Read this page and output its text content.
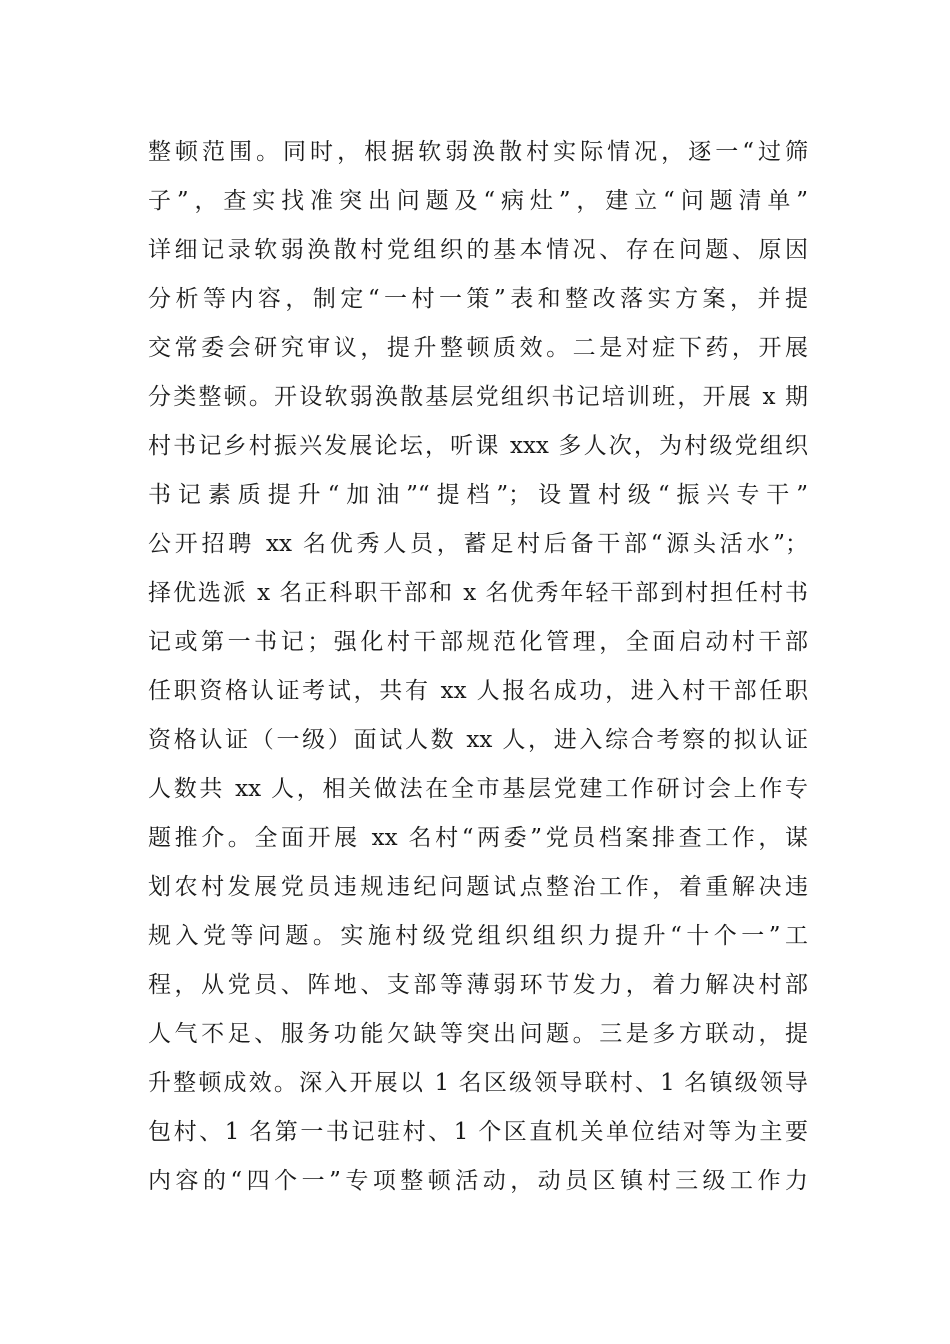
整顿范围。同时，根据软弱涣散村实际情况，逐一“过筛
子”，查实找准突出问题及“病灶”，建立“问题清单”
详细记录软弱涣散村党组织的基本情况、存在问题、原因
分析等内容，制定“一村一策”表和整改落实方案，并提
交常委会研究审议，提升整顿质效。二是对症下药，开展
分类整顿。开设软弱涣散基层党组织书记培训班，开展 x 期
村书记乡村振兴发展论坛，听课 xxx 多人次，为村级党组织
书记素质提升“加油”“提档”；设置村级“振兴专干”
公开招聘 xx 名优秀人员，蓄足村后备干部“源头活水”；
择优选派 x 名正科职干部和 x 名优秀年轻干部到村担任村书
记或第一书记；强化村干部规范化管理，全面启动村干部
任职资格认证考试，共有 xx 人报名成功，进入村干部任职
资格认证（一级）面试人数 xx 人，进入综合考察的拟认证
人数共 xx 人，相关做法在全市基层党建工作研讨会上作专
题推介。全面开展 xx 名村“两委”党员档案排查工作，谋
划农村发展党员违规违纪问题试点整治工作，着重解决违
规入党等问题。实施村级党组织组织力提升“十个一”工
程，从党员、阵地、支部等薄弱环节发力，着力解决村部
人气不足、服务功能欠缺等突出问题。三是多方联动，提
升整顿成效。深入开展以 1 名区级领导联村、1 名镇级领导
包村、1 名第一书记驻村、1 个区直机关单位结对等为主要
内容的“四个一”专项整顿活动，动员区镇村三级工作力
